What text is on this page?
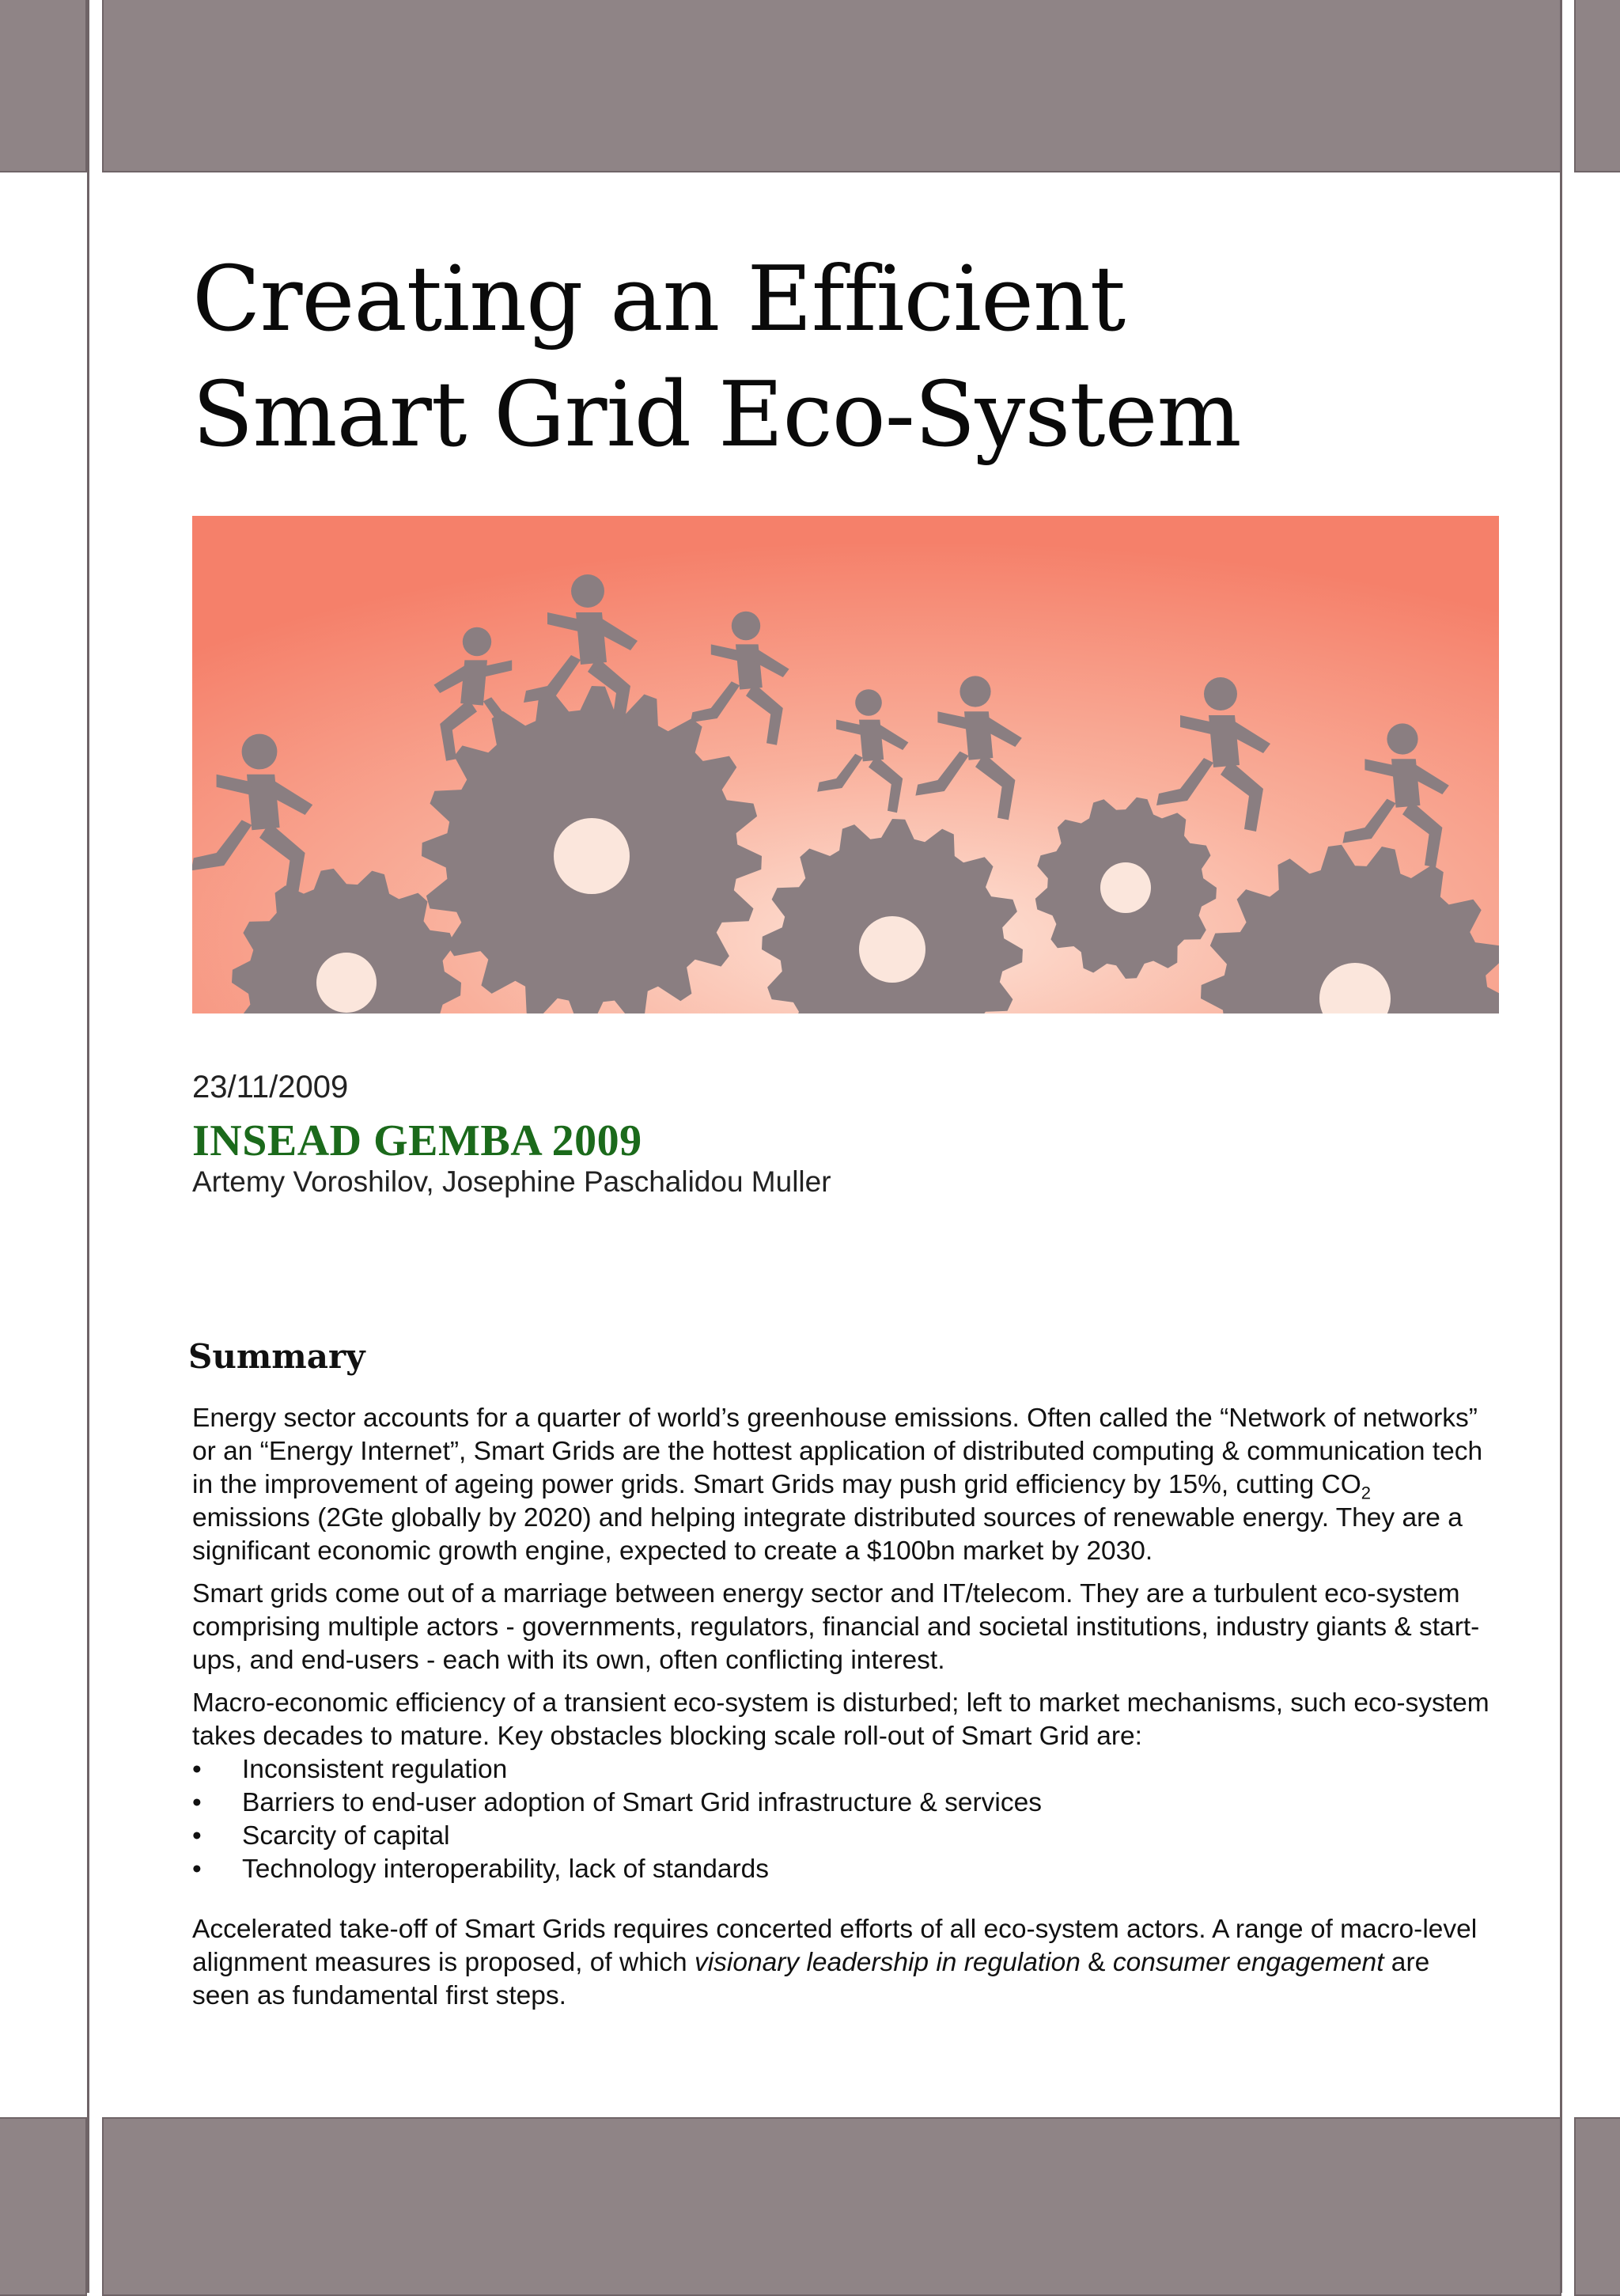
Creating an Efficient
Smart Grid Eco-System
23/11/2009
INSEAD GEMBA 2009
Artemy Voroshilov, Josephine Paschalidou Muller
Summary

Energy sector accounts for a quarter of world’s greenhouse emissions. Often called the “Network of networks” or an “Energy Internet”, Smart Grids are the hottest application of distributed computing & communication tech in the improvement of ageing power grids. Smart Grids may push grid efficiency by 15%, cutting $CO_2$ emissions (2Gte globally by 2020) and helping integrate distributed sources of renewable energy. They are a significant economic growth engine, expected to create a $100bn market by 2030.

Smart grids come out of a marriage between energy sector and IT/telecom. They are a turbulent eco-system comprising multiple actors - governments, regulators, financial and societal institutions, industry giants & start-ups, and end-users - each with its own, often conflicting interest.

Macro-economic efficiency of a transient eco-system is disturbed; left to market mechanisms, such eco-system takes decades to mature. Key obstacles blocking scale roll-out of Smart Grid are:

• Inconsistent regulation
• Barriers to end-user adoption of Smart Grid infrastructure & services
• Scarcity of capital
• Technology interoperability, lack of standards

Accelerated take-off of Smart Grids requires concerted efforts of all eco-system actors. A range of macro-level alignment measures is proposed, of which visionary leadership in regulation & consumer engagement are seen as fundamental first steps.
